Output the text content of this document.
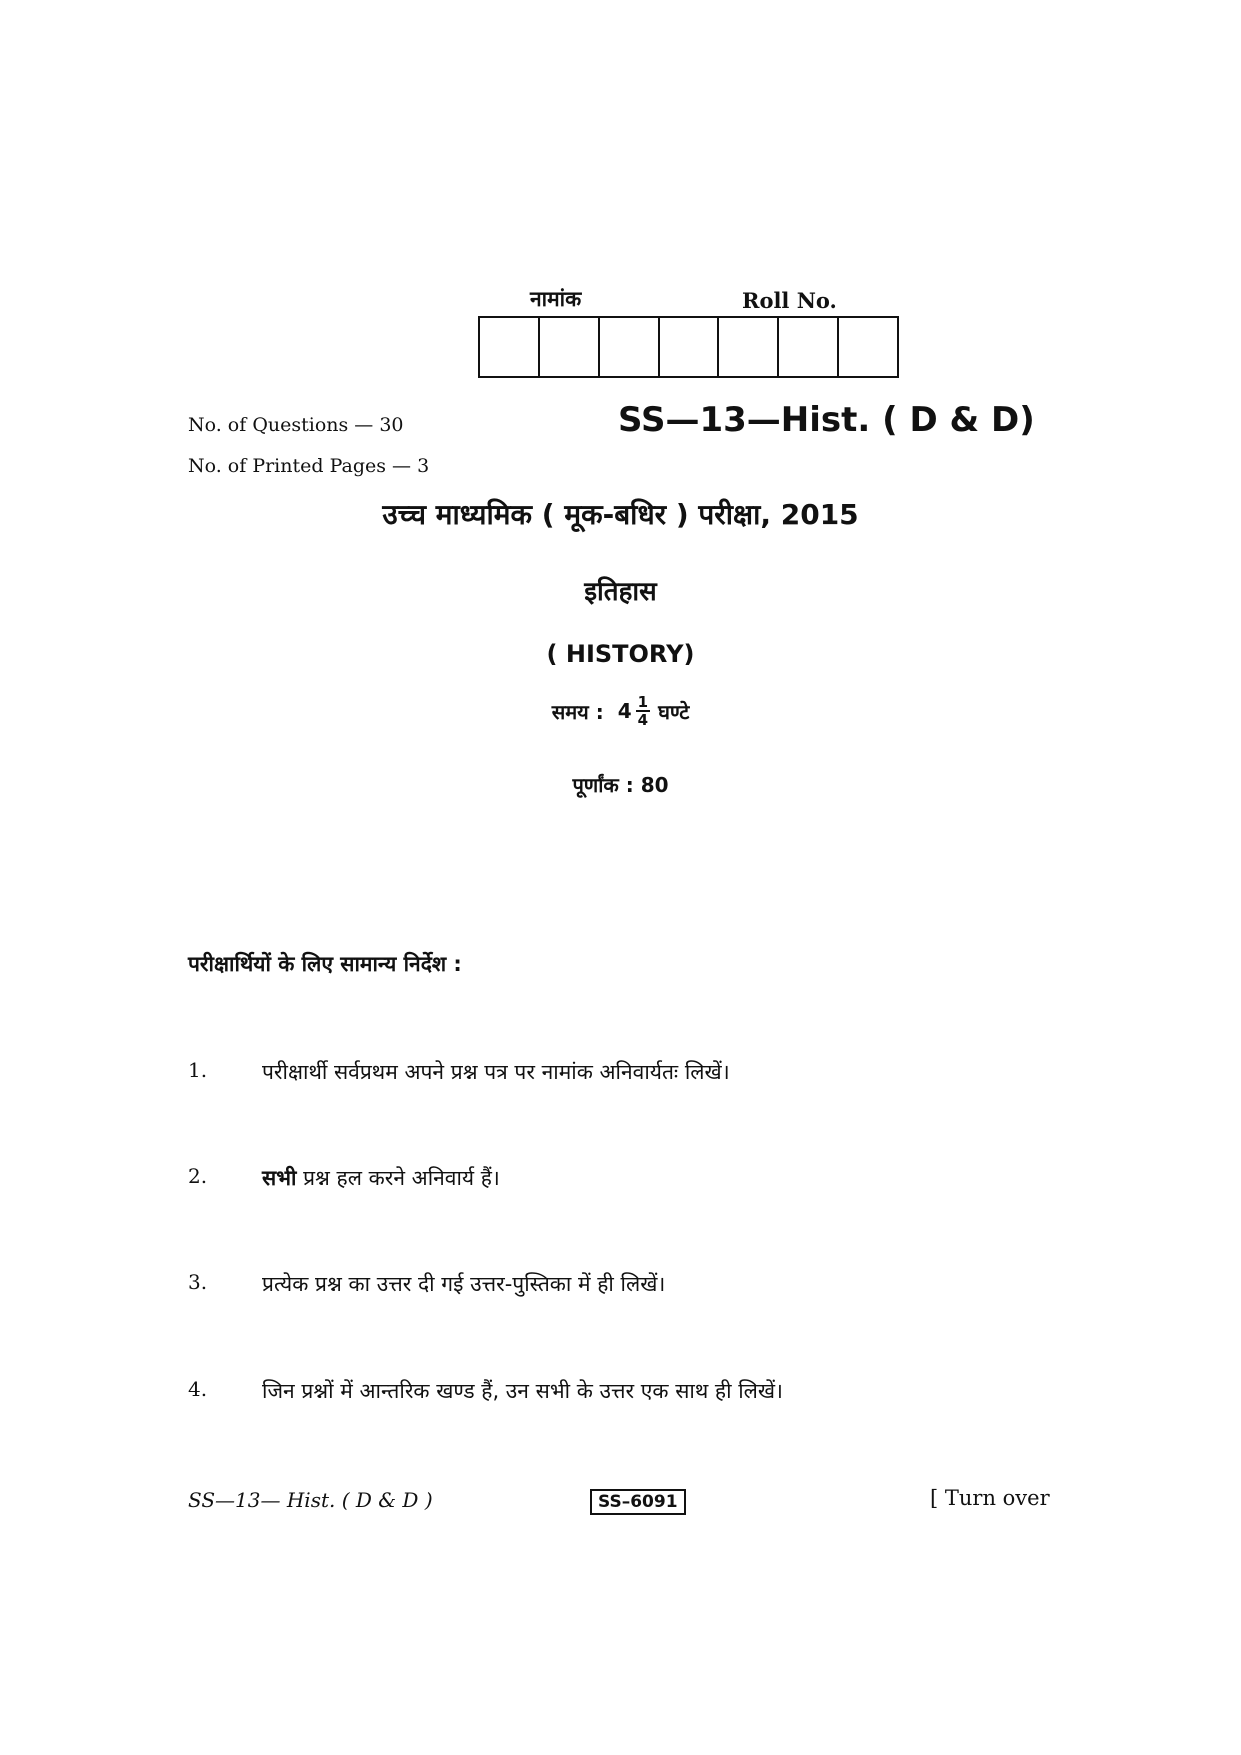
नामांक	Roll No.
No. of Questions — 30
No. of Printed Pages — 3
SS—13—Hist. ( D & D)
उच्च माध्यमिक ( मूक-बधिर ) परीक्षा, 2015
इतिहास
( HISTORY)
समय : $4 \frac{1}{4}$ घण्टे
पूर्णांक : 80
परीक्षार्थियों के लिए सामान्य निर्देश :
1.	परीक्षार्थी सर्वप्रथम अपने प्रश्न पत्र पर नामांक अनिवार्यतः लिखें।
2.	सभी प्रश्न हल करने अनिवार्य हैं।
3.	प्रत्येक प्रश्न का उत्तर दी गई उत्तर-पुस्तिका में ही लिखें।
4.	जिन प्रश्नों में आन्तरिक खण्ड हैं, उन सभी के उत्तर एक साथ ही लिखें।
SS—13— Hist. ( D & D )	SS–6091	[ Turn over
